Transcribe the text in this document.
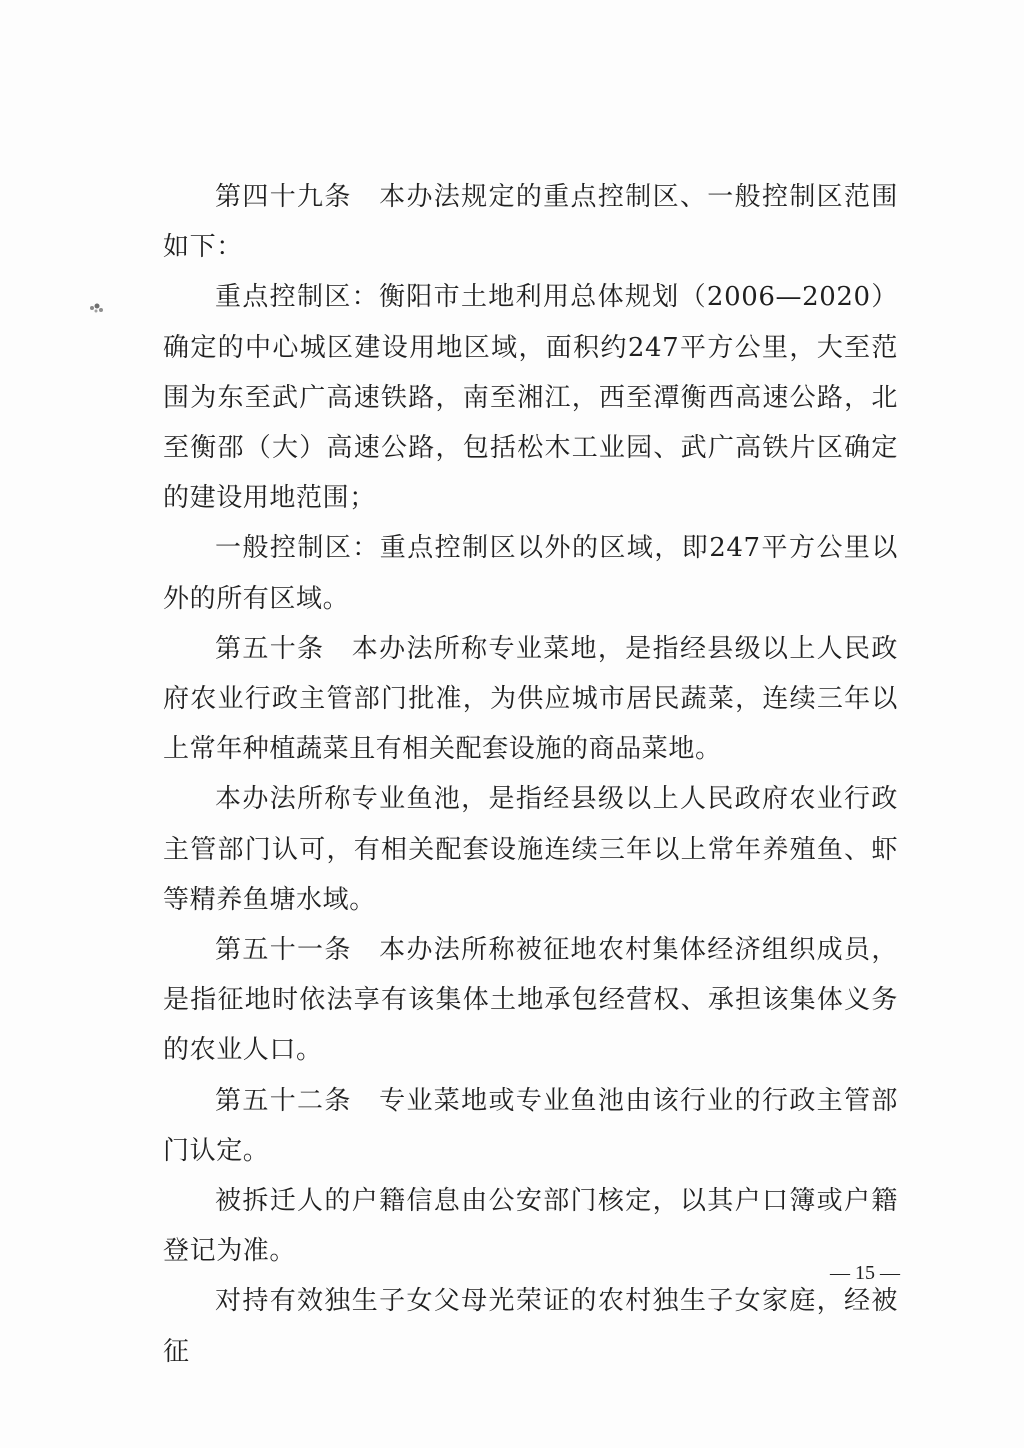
第四十九条　本办法规定的重点控制区、一般控制区范围如下：

重点控制区：衡阳市土地利用总体规划（2006—2020）确定的中心城区建设用地区域，面积约247平方公里，大至范围为东至武广高速铁路，南至湘江，西至潭衡西高速公路，北至衡邵（大）高速公路，包括松木工业园、武广高铁片区确定的建设用地范围；

一般控制区：重点控制区以外的区域，即247平方公里以外的所有区域。

第五十条　本办法所称专业菜地，是指经县级以上人民政府农业行政主管部门批准，为供应城市居民蔬菜，连续三年以上常年种植蔬菜且有相关配套设施的商品菜地。

本办法所称专业鱼池，是指经县级以上人民政府农业行政主管部门认可，有相关配套设施连续三年以上常年养殖鱼、虾等精养鱼塘水域。

第五十一条　本办法所称被征地农村集体经济组织成员，是指征地时依法享有该集体土地承包经营权、承担该集体义务的农业人口。

第五十二条　专业菜地或专业鱼池由该行业的行政主管部门认定。

被拆迁人的户籍信息由公安部门核定，以其户口簿或户籍登记为准。

对持有效独生子女父母光荣证的农村独生子女家庭，经被征

— 15 —
